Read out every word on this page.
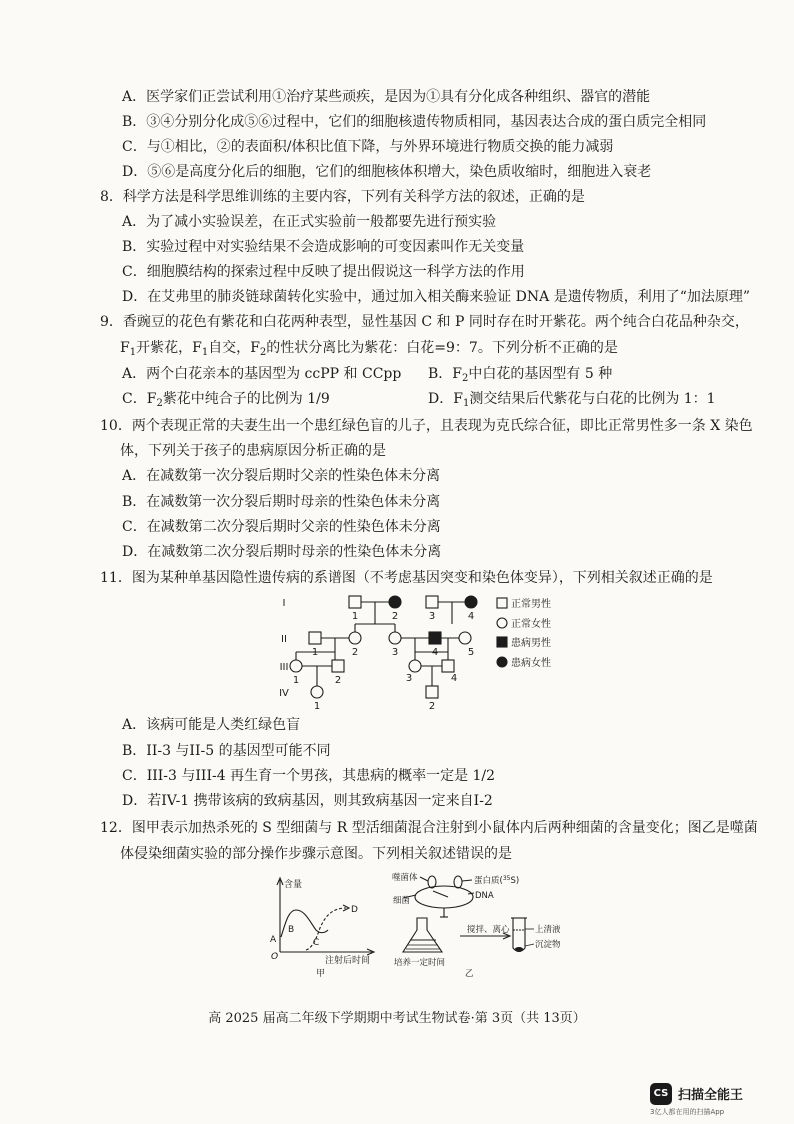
A．医学家们正尝试利用①治疗某些顽疾，是因为①具有分化成各种组织、器官的潜能
B．③④分别分化成⑤⑥过程中，它们的细胞核遗传物质相同，基因表达合成的蛋白质完全相同
C．与①相比，②的表面积/体积比值下降，与外界环境进行物质交换的能力减弱
D．⑤⑥是高度分化后的细胞，它们的细胞核体积增大，染色质收缩时，细胞进入衰老
8．科学方法是科学思维训练的主要内容，下列有关科学方法的叙述，正确的是
A．为了减小实验误差，在正式实验前一般都要先进行预实验
B．实验过程中对实验结果不会造成影响的可变因素叫作无关变量
C．细胞膜结构的探索过程中反映了提出假说这一科学方法的作用
D．在艾弗里的肺炎链球菌转化实验中，通过加入相关酶来验证 DNA 是遗传物质，利用了“加法原理”
9．香豌豆的花色有紫花和白花两种表型，显性基因 C 和 P 同时存在时开紫花。两个纯合白花品种杂交，
$F_1$开紫花，$F_1$自交，$F_2$的性状分离比为紫花：白花=9：7。下列分析不正确的是
A．两个白花亲本的基因型为 ccPP 和 CCpp B．$F_2$中白花的基因型有 5 种
C．$F_2$紫花中纯合子的比例为 1/9	D．$F_1$测交结果后代紫花与白花的比例为 1：1
10．两个表现正常的夫妻生出一个患红绿色盲的儿子，且表现为克氏综合征，即比正常男性多一条 X 染色
体，下列关于孩子的患病原因分析正确的是
A．在减数第一次分裂后期时父亲的性染色体未分离
B．在减数第一次分裂后期时母亲的性染色体未分离
C．在减数第二次分裂后期时父亲的性染色体未分离
D．在减数第二次分裂后期时母亲的性染色体未分离
11．图为某种单基因隐性遗传病的系谱图（不考虑基因突变和染色体变异），下列相关叙述正确的是
I
II
III
IV
1	2	3	4
1	2	3	4	5
1	2	3	4
1	2
正常男性
正常女性
患病男性
患病女性
A．该病可能是人类红绿色盲
B．II-3 与II-5 的基因型可能不同
C．III-3 与III-4 再生育一个男孩，其患病的概率一定是 1/2
D．若IV-1 携带该病的致病基因，则其致病基因一定来自I-2
12．图甲表示加热杀死的 S 型细菌与 R 型活细菌混合注射到小鼠体内后两种细菌的含量变化；图乙是噬菌
体侵染细菌实验的部分操作步骤示意图。下列相关叙述错误的是
含量
A
B
C
D
O	注射后时间
甲
噬菌体	蛋白质($^{35}$S)
DNA
细菌
培养一定时间
搅拌、离心	上清液
沉淀物
乙
高 2025 届高二年级下学期期中考试生物试卷·第 3页（共 13页）
CS 扫描全能王
3亿人都在用的扫描App
